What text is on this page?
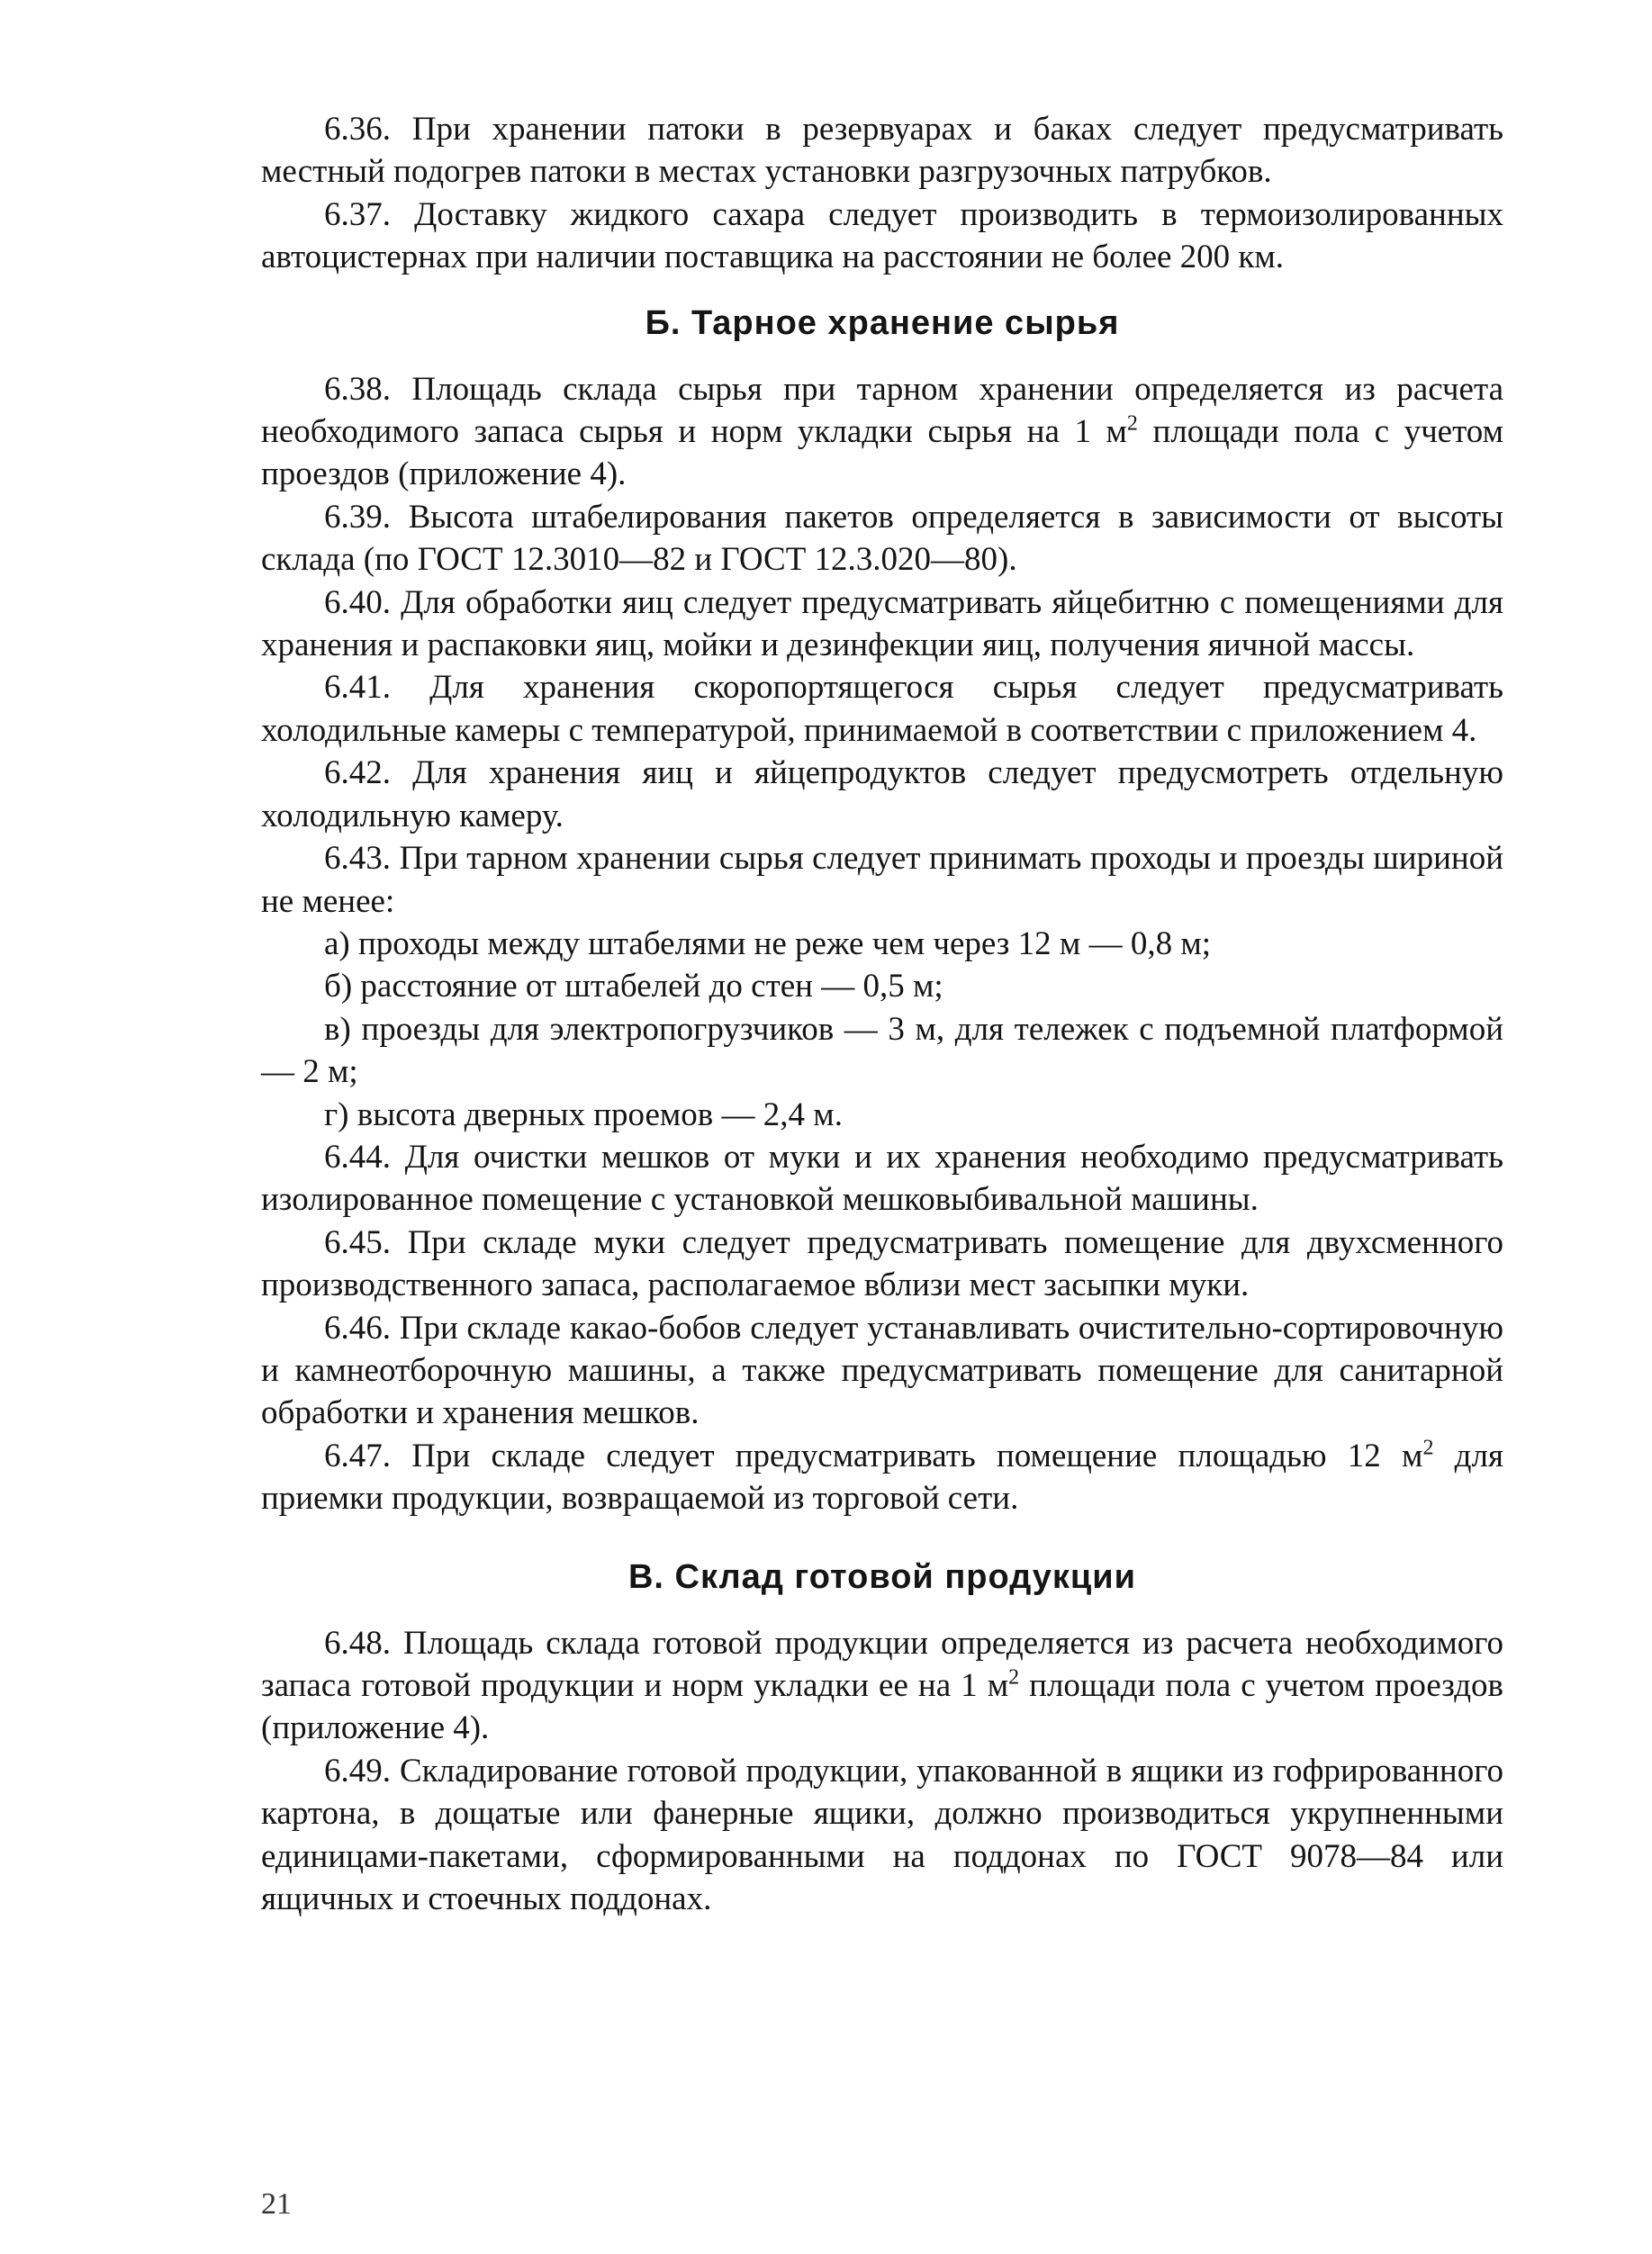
6.36. При хранении патоки в резервуарах и баках следует предусматривать местный подогрев патоки в местах установки разгрузочных патрубков.

6.37. Доставку жидкого сахара следует производить в термоизолированных автоцистернах при наличии поставщика на расстоянии не более 200 км.

Б. Тарное хранение сырья

6.38. Площадь склада сырья при тарном хранении определяется из расчета необходимого запаса сырья и норм укладки сырья на 1 $м^2$ площади пола с учетом проездов (приложение 4).

6.39. Высота штабелирования пакетов определяется в зависимости от высоты склада (по ГОСТ 12.3010—82 и ГОСТ 12.3.020—80).

6.40. Для обработки яиц следует предусматривать яйцебитню с помещениями для хранения и распаковки яиц, мойки и дезинфекции яиц, получения яичной массы.

6.41. Для хранения скоропортящегося сырья следует предусматривать холодильные камеры с температурой, принимаемой в соответствии с приложением 4.

6.42. Для хранения яиц и яйцепродуктов следует предусмотреть отдельную холодильную камеру.

6.43. При тарном хранении сырья следует принимать проходы и проезды шириной не менее:

а) проходы между штабелями не реже чем через 12 м — 0,8 м;

б) расстояние от штабелей до стен — 0,5 м;

в) проезды для электропогрузчиков — 3 м, для тележек с подъемной платформой — 2 м;

г) высота дверных проемов — 2,4 м.

6.44. Для очистки мешков от муки и их хранения необходимо предусматривать изолированное помещение с установкой мешковыбивальной машины.

6.45. При складе муки следует предусматривать помещение для двухсменного производственного запаса, располагаемое вблизи мест засыпки муки.

6.46. При складе какао-бобов следует устанавливать очистительно-сортировочную и камнеотборочную машины, а также предусматривать помещение для санитарной обработки и хранения мешков.

6.47. При складе следует предусматривать помещение площадью 12 $м^2$ для приемки продукции, возвращаемой из торговой сети.

В. Склад готовой продукции

6.48. Площадь склада готовой продукции определяется из расчета необходимого запаса готовой продукции и норм укладки ее на 1 $м^2$ площади пола с учетом проездов (приложение 4).

6.49. Складирование готовой продукции, упакованной в ящики из гофрированного картона, в дощатые или фанерные ящики, должно производиться укрупненными единицами-пакетами, сформированными на поддонах по ГОСТ 9078—84 или ящичных и стоечных поддонах.

21
